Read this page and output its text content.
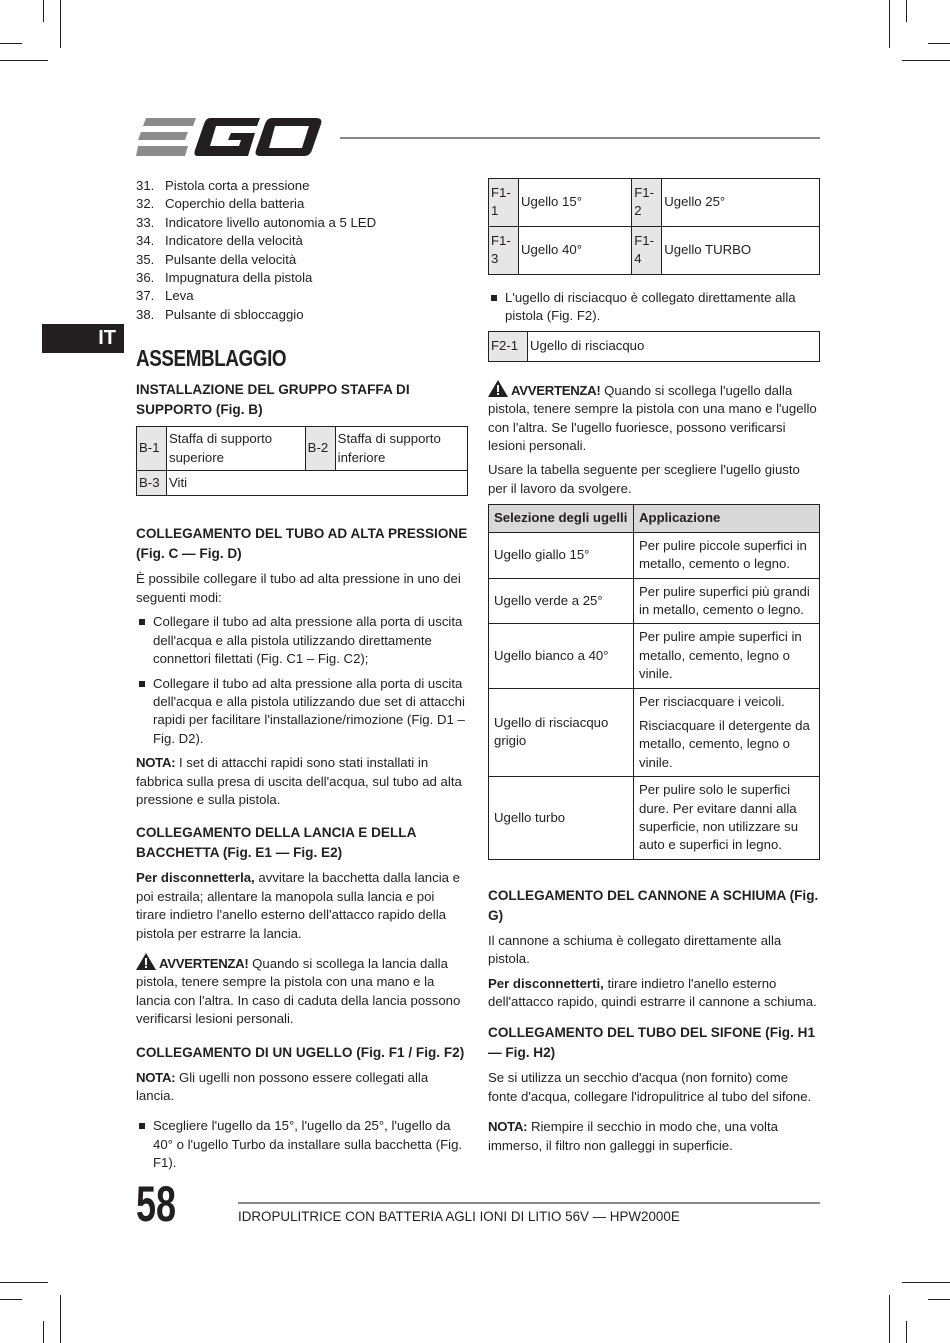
IT
31. Pistola corta a pressione
32. Coperchio della batteria
33. Indicatore livello autonomia a 5 LED
34. Indicatore della velocità
35. Pulsante della velocità
36. Impugnatura della pistola
37. Leva
38. Pulsante di sbloccaggio
ASSEMBLAGGIO
INSTALLAZIONE DEL GRUPPO STAFFA DI SUPPORTO (Fig. B)
B-1	Staffa di supporto superiore	B-2	Staffa di supporto inferiore
B-3	Viti		
COLLEGAMENTO DEL TUBO AD ALTA PRESSIONE (Fig. C — Fig. D)

È possibile collegare il tubo ad alta pressione in uno dei seguenti modi:

Collegare il tubo ad alta pressione alla porta di uscita dell'acqua e alla pistola utilizzando direttamente connettori filettati (Fig. C1 – Fig. C2);
Collegare il tubo ad alta pressione alla porta di uscita dell'acqua e alla pistola utilizzando due set di attacchi rapidi per facilitare l'installazione/rimozione (Fig. D1 – Fig. D2).

NOTA: I set di attacchi rapidi sono stati installati in fabbrica sulla presa di uscita dell'acqua, sul tubo ad alta pressione e sulla pistola.

COLLEGAMENTO DELLA LANCIA E DELLA BACCHETTA (Fig. E1 — Fig. E2)

Per disconnetterla, avvitare la bacchetta dalla lancia e poi estraila; allentare la manopola sulla lancia e poi tirare indietro l'anello esterno dell'attacco rapido della pistola per estrarre la lancia.

AVVERTENZA! Quando si scollega la lancia dalla pistola, tenere sempre la pistola con una mano e la lancia con l'altra. In caso di caduta della lancia possono verificarsi lesioni personali.

COLLEGAMENTO DI UN UGELLO (Fig. F1 / Fig. F2)

NOTA: Gli ugelli non possono essere collegati alla lancia.

Scegliere l'ugello da 15°, l'ugello da 25°, l'ugello da 40° o l'ugello Turbo da installare sulla bacchetta (Fig. F1).
F1-1	Ugello 15°	F1-2	Ugello 25°
F1-3	Ugello 40°	F1-4	Ugello TURBO
L'ugello di risciacquo è collegato direttamente alla pistola (Fig. F2).
F2-1	Ugello di risciacquo

AVVERTENZA! Quando si scollega l'ugello dalla pistola, tenere sempre la pistola con una mano e l'ugello con l'altra. Se l'ugello fuoriesce, possono verificarsi lesioni personali.

Usare la tabella seguente per scegliere l'ugello giusto per il lavoro da svolgere.

Selezione degli ugelli	Applicazione
Ugello giallo 15°	Per pulire piccole superfici in metallo, cemento o legno.

Ugello verde a 25°	Per pulire superfici più grandi in metallo, cemento o legno.

Ugello bianco a 40°	Per pulire ampie superfici in metallo, cemento, legno o vinile.

Ugello di risciacquo grigio	Per risciacquare i veicoli.

Risciacquare il detergente da metallo, cemento, legno o vinile.

Ugello turbo	Per pulire solo le superfici dure. Per evitare danni alla superficie, non utilizzare su auto e superfici in legno.

COLLEGAMENTO DEL CANNONE A SCHIUMA (Fig. G)

Il cannone a schiuma è collegato direttamente alla pistola.

Per disconnetterti, tirare indietro l'anello esterno dell'attacco rapido, quindi estrarre il cannone a schiuma.

COLLEGAMENTO DEL TUBO DEL SIFONE (Fig. H1 — Fig. H2)

Se si utilizza un secchio d'acqua (non fornito) come fonte d'acqua, collegare l'idropulitrice al tubo del sifone.

NOTA: Riempire il secchio in modo che, una volta immerso, il filtro non galleggi in superficie.

58	IDROPULITRICE CON BATTERIA AGLI IONI DI LITIO 56V — HPW2000E
